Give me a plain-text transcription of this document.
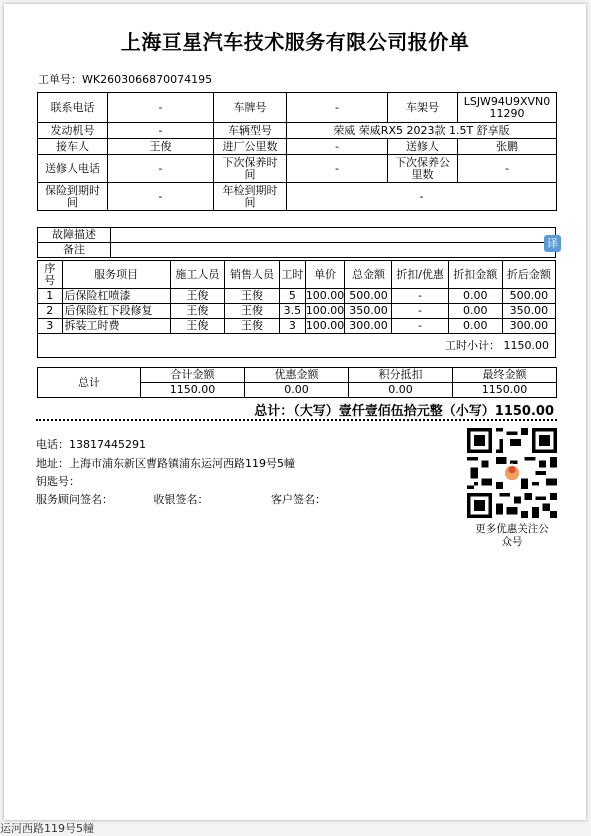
上海亘星汽车技术服务有限公司报价单
工单号：WK2603066870074195
联系电话	-	车牌号	-	车架号	LSJW94U9XVN0
11290
发动机号	-	车辆型号	荣威 荣威RX5 2023款 1.5T 舒享版		
接车人	王俊	进厂公里数	-	送修人	张鹏
送修人电话	-	下次保养时
间	-	下次保养公
里数	-
保险到期时
间	-	年检到期时
间	-		
故障描述	
备注		译
序
号	服务项目	施工人员	销售人员	工时	单价	总金额	折扣/优惠	折扣金额	折后金额
1	后保险杠喷漆	王俊	王俊	5	100.00	500.00	-	0.00	500.00
2	后保险杠下段修复	王俊	王俊	3.5	100.00	350.00	-	0.00	350.00
3	拆装工时费	王俊	王俊	3	100.00	300.00	-	0.00	300.00
工时小计： 1150.00									
总计	合计金额	优惠金额	积分抵扣	最终金额
	1150.00	0.00	0.00	1150.00
总计：（大写）壹仟壹佰伍拾元整（小写）1150.00
电话：13817445291
地址：上海市浦东新区曹路镇浦东运河西路119号5幢
钥匙号：
服务顾问签名：	收银签名：	客户签名：
更多优惠关注公
众号
运河西路119号5幢
